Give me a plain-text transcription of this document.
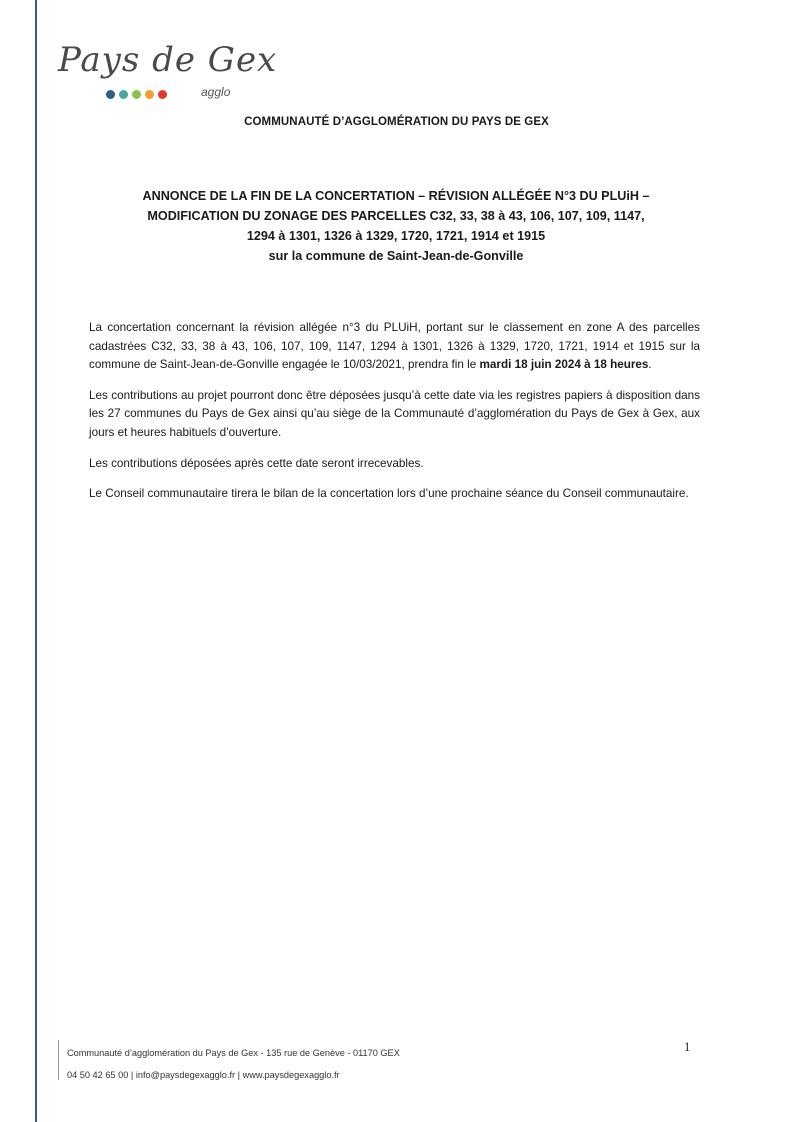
Pays de Gex
agglo
COMMUNAUTÉ D’AGGLOMÉRATION DU PAYS DE GEX
ANNONCE DE LA FIN DE LA CONCERTATION – RÉVISION ALLÉGÉE N°3 DU PLUiH –
MODIFICATION DU ZONAGE DES PARCELLES C32, 33, 38 à 43, 106, 107, 109, 1147,
1294 à 1301, 1326 à 1329, 1720, 1721, 1914 et 1915
sur la commune de Saint-Jean-de-Gonville

La concertation concernant la révision allégée n°3 du PLUiH, portant sur le classement en zone A des parcelles cadastrées C32, 33, 38 à 43, 106, 107, 109, 1147, 1294 à 1301, 1326 à 1329, 1720, 1721, 1914 et 1915 sur la commune de Saint-Jean-de-Gonville engagée le 10/03/2021, prendra fin le mardi 18 juin 2024 à 18 heures.

Les contributions au projet pourront donc être déposées jusqu’à cette date via les registres papiers à disposition dans les 27 communes du Pays de Gex ainsi qu’au siège de la Communauté d’agglomération du Pays de Gex à Gex, aux jours et heures habituels d’ouverture.

Les contributions déposées après cette date seront irrecevables.

Le Conseil communautaire tirera le bilan de la concertation lors d’une prochaine séance du Conseil communautaire.

Communauté d’agglomération du Pays de Gex - 135 rue de Genève - 01170 GEX
04 50 42 65 00 | info@paysdegexagglo.fr | www.paysdegexagglo.fr
1
